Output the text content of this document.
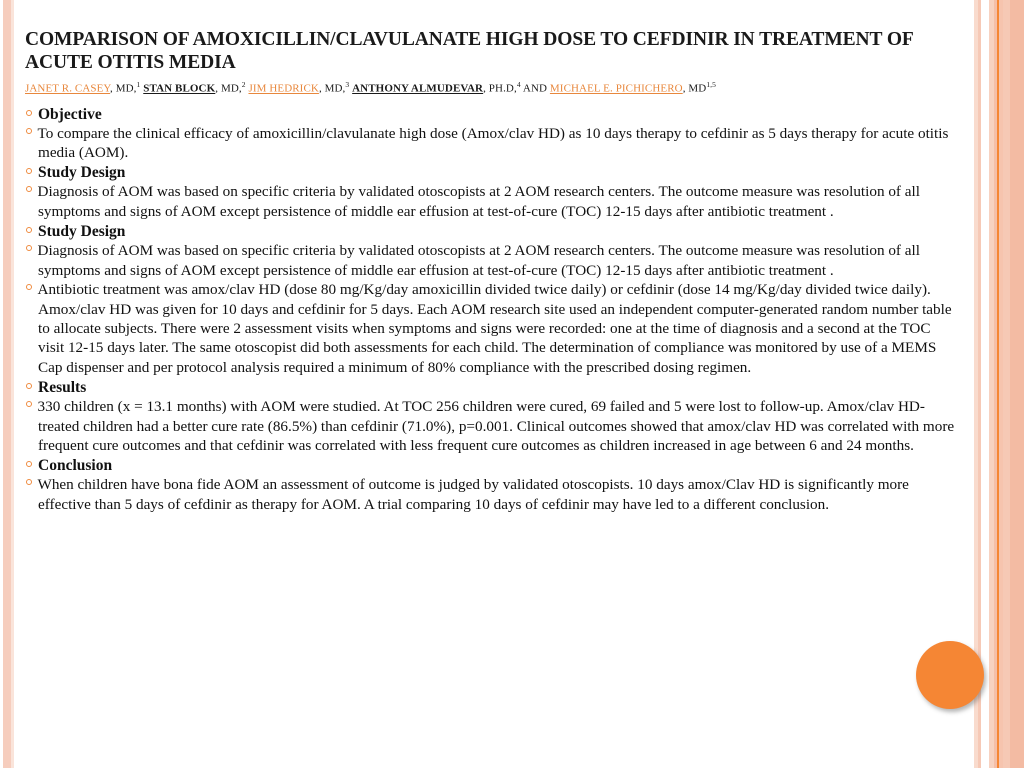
COMPARISON OF AMOXICILLIN/CLAVULANATE HIGH DOSE TO CEFDINIR IN TREATMENT OF ACUTE OTITIS MEDIA
JANET R. CASEY, MD,$^1$ STAN BLOCK, MD,$^2$ JIM HEDRICK, MD,$^3$ ANTHONY ALMUDEVAR, PH.D,$^4$ AND MICHAEL E. PICHICHERO, MD$^{1,5}$
Objective
To compare the clinical efficacy of amoxicillin/clavulanate high dose (Amox/clav HD) as 10 days therapy to cefdinir as 5 days therapy for acute otitis media (AOM).
Study Design
Diagnosis of AOM was based on specific criteria by validated otoscopists at 2 AOM research centers. The outcome measure was resolution of all symptoms and signs of AOM except persistence of middle ear effusion at test-of-cure (TOC) 12-15 days after antibiotic treatment .
Study Design
Diagnosis of AOM was based on specific criteria by validated otoscopists at 2 AOM research centers. The outcome measure was resolution of all symptoms and signs of AOM except persistence of middle ear effusion at test-of-cure (TOC) 12-15 days after antibiotic treatment .
Antibiotic treatment was amox/clav HD (dose 80 mg/Kg/day amoxicillin divided twice daily) or cefdinir (dose 14 mg/Kg/day divided twice daily). Amox/clav HD was given for 10 days and cefdinir for 5 days. Each AOM research site used an independent computer-generated random number table to allocate subjects. There were 2 assessment visits when symptoms and signs were recorded: one at the time of diagnosis and a second at the TOC visit 12-15 days later. The same otoscopist did both assessments for each child. The determination of compliance was monitored by use of a MEMS Cap dispenser and per protocol analysis required a minimum of 80% compliance with the prescribed dosing regimen.
Results
330 children (x = 13.1 months) with AOM were studied. At TOC 256 children were cured, 69 failed and 5 were lost to follow-up. Amox/clav HD-treated children had a better cure rate (86.5%) than cefdinir (71.0%), p=0.001. Clinical outcomes showed that amox/clav HD was correlated with more frequent cure outcomes and that cefdinir was correlated with less frequent cure outcomes as children increased in age between 6 and 24 months.
Conclusion
When children have bona fide AOM an assessment of outcome is judged by validated otoscopists. 10 days amox/Clav HD is significantly more effective than 5 days of cefdinir as therapy for AOM. A trial comparing 10 days of cefdinir may have led to a different conclusion.
